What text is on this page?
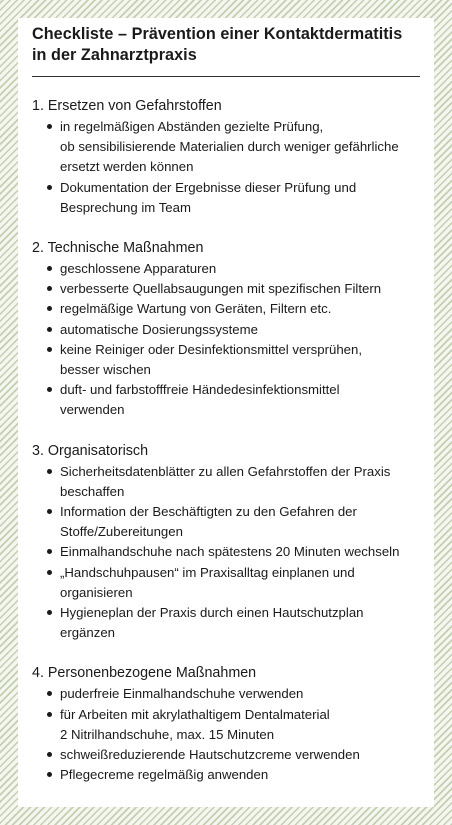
Checkliste – Prävention einer Kontaktdermatitis
in der Zahnarztpraxis
1. Ersetzen von Gefahrstoffen
in regelmäßigen Abständen gezielte Prüfung,
ob sensibilisierende Materialien durch weniger gefährliche
ersetzt werden können
Dokumentation der Ergebnisse dieser Prüfung und
Besprechung im Team
2. Technische Maßnahmen
geschlossene Apparaturen
verbesserte Quellabsaugungen mit spezifischen Filtern
regelmäßige Wartung von Geräten, Filtern etc.
automatische Dosierungssysteme
keine Reiniger oder Desinfektionsmittel versprühen,
besser wischen
duft- und farbstofffreie Händedesinfektionsmittel
verwenden
3. Organisatorisch
Sicherheitsdatenblätter zu allen Gefahrstoffen der Praxis
beschaffen
Information der Beschäftigten zu den Gefahren der
Stoffe/Zubereitungen
Einmalhandschuhe nach spätestens 20 Minuten wechseln
„Handschuhpausen“ im Praxisalltag einplanen und
organisieren
Hygieneplan der Praxis durch einen Hautschutzplan
ergänzen
4. Personenbezogene Maßnahmen
puderfreie Einmalhandschuhe verwenden
für Arbeiten mit akrylathaltigem Dentalmaterial
2 Nitrilhandschuhe, max. 15 Minuten
schweißreduzierende Hautschutzcreme verwenden
Pflegecreme regelmäßig anwenden
